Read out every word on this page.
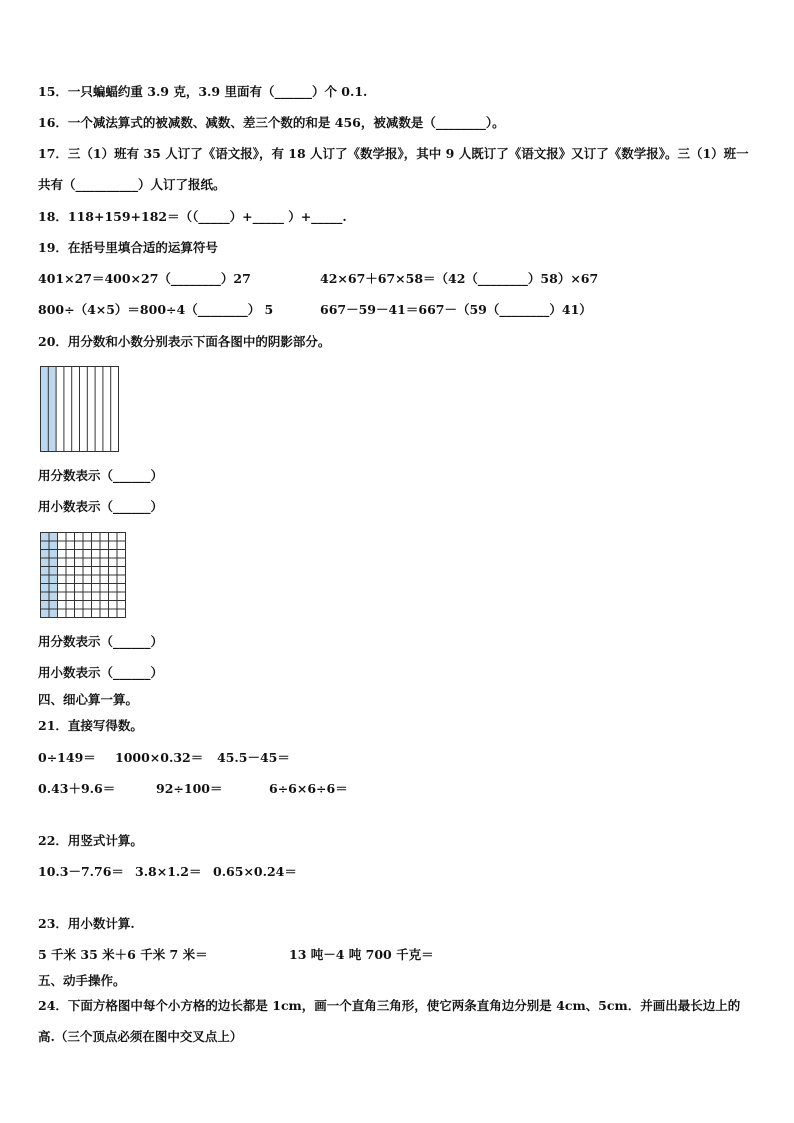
15．一只蝙蝠约重 3.9 克，3.9 里面有（______）个 0.1.
16．一个减法算式的被减数、减数、差三个数的和是 456，被减数是（________）。
17．三（1）班有 35 人订了《语文报》，有 18 人订了《数学报》，其中 9 人既订了《语文报》又订了《数学报》。三（1）班一共有（__________）人订了报纸。
18．118+159+182＝（（_____）+_____ ）+_____.
19．在括号里填合适的运算符号
401×27＝400×27（________）27	42×67＋67×58＝（42（________）58）×67
800÷（4×5）＝800÷4（________） 5	667－59－41＝667－（59（________）41）
20．用分数和小数分别表示下面各图中的阴影部分。
用分数表示（______）
用小数表示（______）
用分数表示（______）
用小数表示（______）
四、细心算一算。
21．直接写得数。
0÷149＝ 1000×0.32＝ 45.5－45＝
0.43＋9.6＝	92÷100＝	6÷6×6÷6＝
22．用竖式计算。
10.3－7.76＝ 3.8×1.2＝ 0.65×0.24＝
23．用小数计算.
5 千米 35 米＋6 千米 7 米＝	13 吨－4 吨 700 千克＝
五、动手操作。
24．下面方格图中每个小方格的边长都是 1cm，画一个直角三角形，使它两条直角边分别是 4cm、5cm．并画出最长边上的高.（三个顶点必须在图中交叉点上）
